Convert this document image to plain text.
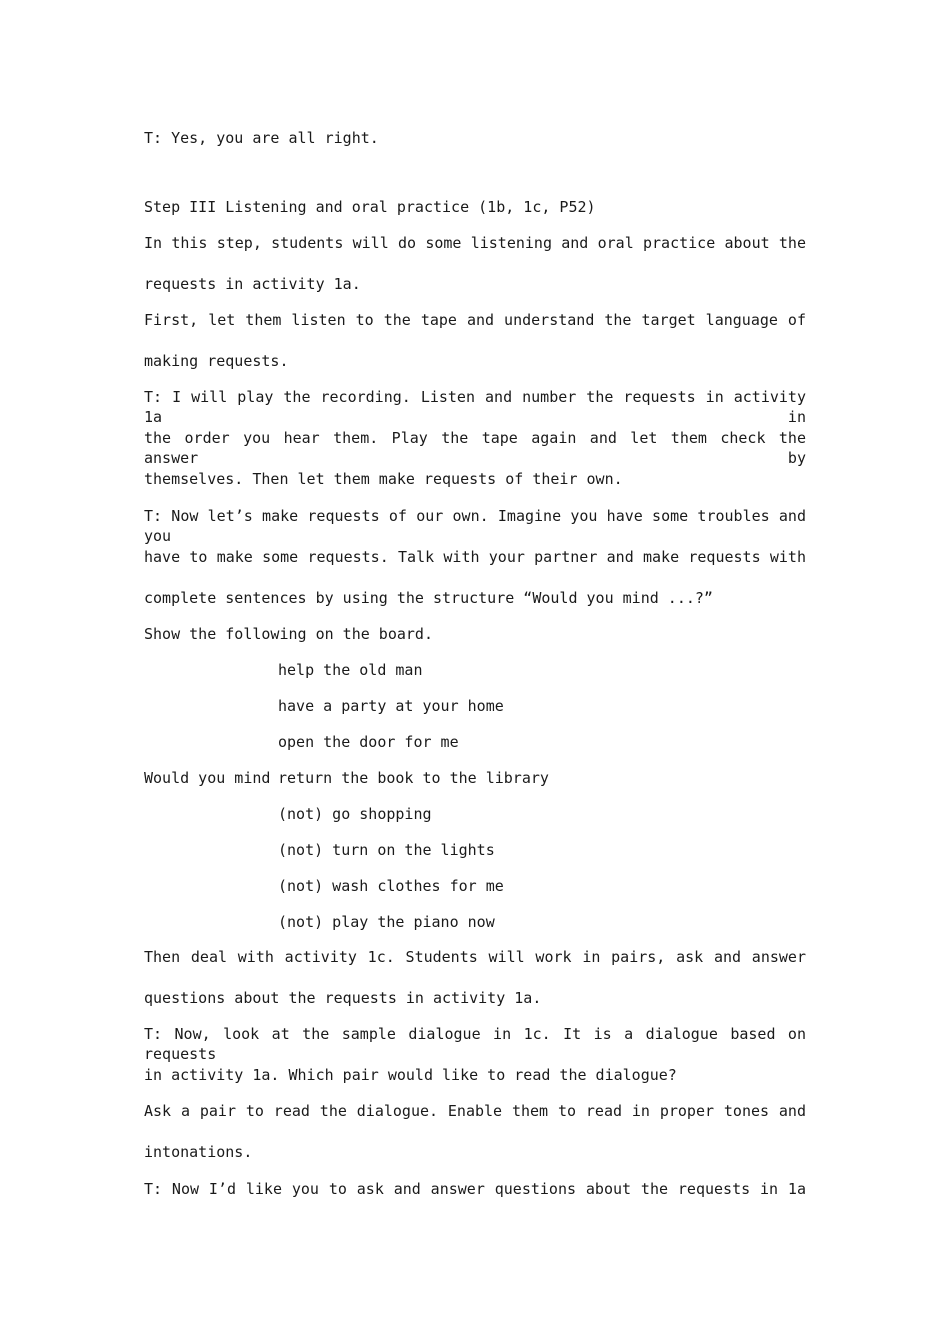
T: Yes, you are all right.
Step III Listening and oral practice (1b, 1c, P52)
In this step, students will do some listening and oral practice about the
requests in activity 1a.
First, let them listen to the tape and understand the target language of
making requests.
T: I will play the recording. Listen and number the requests in activity 1a in
the order you hear them. Play the tape again and let them check the answer by
themselves. Then let them make requests of their own.
T: Now let’s make requests of our own. Imagine you have some troubles and you
have to make some requests. Talk with your partner and make requests with
complete sentences by using the structure “Would you mind ...?”
Show the following on the board.
help the old man
have a party at your home
open the door for me
Would you mind return the book to the library
(not) go shopping
(not) turn on the lights
(not) wash clothes for me
(not) play the piano now
Then deal with activity 1c. Students will work in pairs, ask and answer
questions about the requests in activity 1a.
T: Now, look at the sample dialogue in 1c. It is a dialogue based on requests
in activity 1a. Which pair would like to read the dialogue?
Ask a pair to read the dialogue. Enable them to read in proper tones and
intonations.
T: Now I’d like you to ask and answer questions about the requests in 1a
